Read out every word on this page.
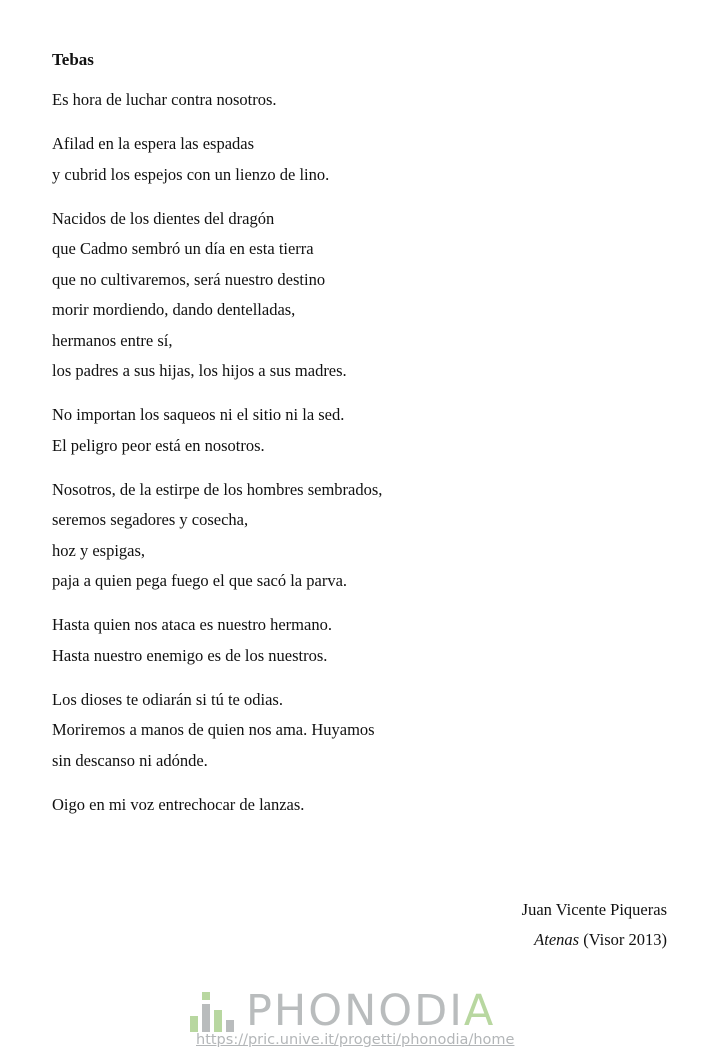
Tebas
Es hora de luchar contra nosotros.
Afilad en la espera las espadas
y cubrid los espejos con un lienzo de lino.
Nacidos de los dientes del dragón
que Cadmo sembró un día en esta tierra
que no cultivaremos, será nuestro destino
morir mordiendo, dando dentelladas,
hermanos entre sí,
los padres a sus hijas, los hijos a sus madres.
No importan los saqueos ni el sitio ni la sed.
El peligro peor está en nosotros.
Nosotros, de la estirpe de los hombres sembrados,
seremos segadores y cosecha,
hoz y espigas,
paja a quien pega fuego el que sacó la parva.
Hasta quien nos ataca es nuestro hermano.
Hasta nuestro enemigo es de los nuestros.
Los dioses te odiarán si tú te odias.
Moriremos a manos de quien nos ama. Huyamos
sin descanso ni adónde.
Oigo en mi voz entrechocar de lanzas.
Juan Vicente Piqueras
Atenas (Visor 2013)
PHONODIA
https://pric.unive.it/progetti/phonodia/home
